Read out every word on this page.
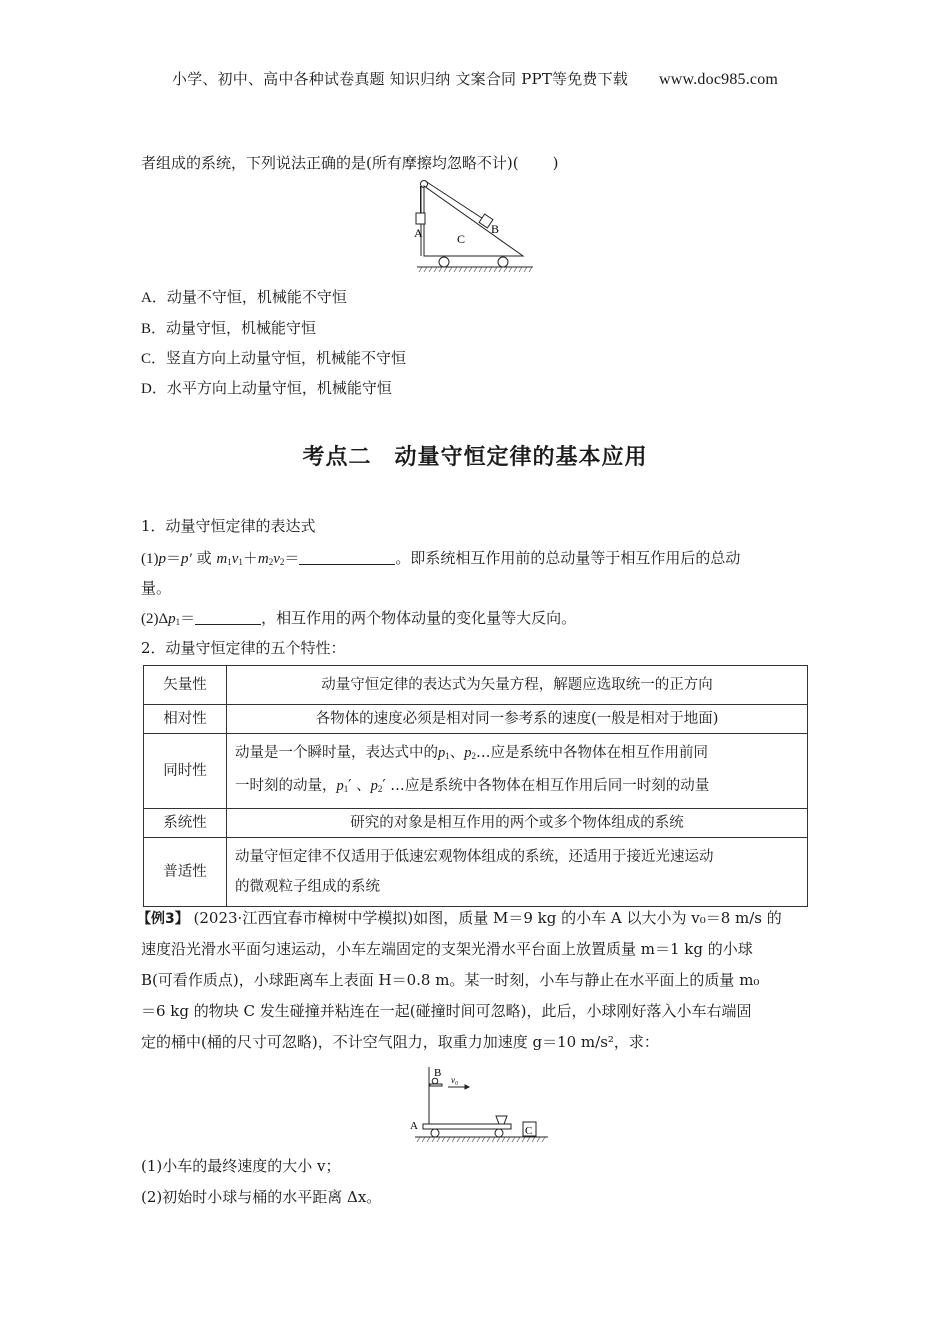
小学、初中、高中各种试卷真题 知识归纳 文案合同 PPT等免费下载 www.doc985.com
者组成的系统，下列说法正确的是(所有摩擦均忽略不计)( )
A	B
C
A．动量不守恒，机械能不守恒
B．动量守恒，机械能守恒
C．竖直方向上动量守恒，机械能不守恒
D．水平方向上动量守恒，机械能守恒
考点二　动量守恒定律的基本应用
1．动量守恒定律的表达式
(1)p＝p′ 或 $m_1v_1+m_2v_2=$	。即系统相互作用前的总动量等于相互作用后的总动
量。
$(2)\Delta p_1=$	，相互作用的两个物体动量的变化量等大反向。
2．动量守恒定律的五个特性：
矢量性	动量守恒定律的表达式为矢量方程，解题应选取统一的正方向
相对性	各物体的速度必须是相对同一参考系的速度(一般是相对于地面)
同时性	动量是一个瞬时量，表达式中的$p_1$、$p_2\dots$应是系统中各物体在相互作用前同
一时刻的动量，$p_1'$ 、$p_2'$ …应是系统中各物体在相互作用后同一时刻的动量
系统性	研究的对象是相互作用的两个或多个物体组成的系统
普适性	动量守恒定律不仅适用于低速宏观物体组成的系统，还适用于接近光速运动
的微观粒子组成的系统
【例3】 (2023·江西宜春市樟树中学模拟)如图，质量 M＝9 kg 的小车 A 以大小为 v₀＝8 m/s 的
速度沿光滑水平面匀速运动，小车左端固定的支架光滑水平台面上放置质量 m＝1 kg 的小球
B(可看作质点)，小球距离车上表面 H＝0.8 m。某一时刻，小车与静止在水平面上的质量 m₀
＝6 kg 的物块 C 发生碰撞并粘连在一起(碰撞时间可忽略)，此后，小球刚好落入小车右端固
定的桶中(桶的尺寸可忽略)，不计空气阻力，取重力加速度 g＝10 m/s²，求：
B
v₀
A	C
(1)小车的最终速度的大小 v；
(2)初始时小球与桶的水平距离 Δx。
